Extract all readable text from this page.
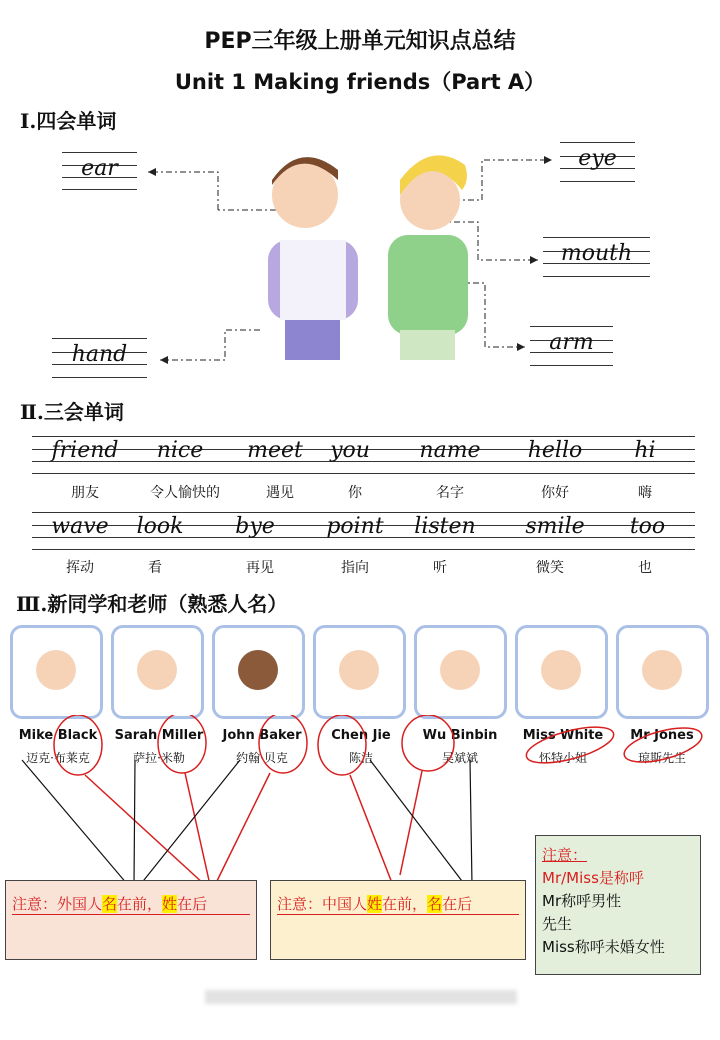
PEP三年级上册单元知识点总结
Unit 1 Making friends（Part A）
Ⅰ.四会单词
ear
hand
eye
mouth
arm
Ⅱ.三会单词
friend
朋友
nice
令人愉快的
meet
遇见
you
你
name
名字
hello
你好
hi
嗨
wave
挥动
look
看
bye
再见
point
指向
listen
听
smile
微笑
too
也
Ⅲ.新同学和老师（熟悉人名）
Mike Black
迈克·布莱克
Sarah Miller
萨拉·米勒
John Baker
约翰·贝克
Chen Jie
陈洁
Wu Binbin
吴斌斌
Miss White
怀特小姐
Mr Jones
琼斯先生
注意：外国人名在前，姓在后	注意：中国人姓在前，名在后
注意：
Mr/Miss是称呼
Mr称呼男性
先生
Miss称呼未婚女性
